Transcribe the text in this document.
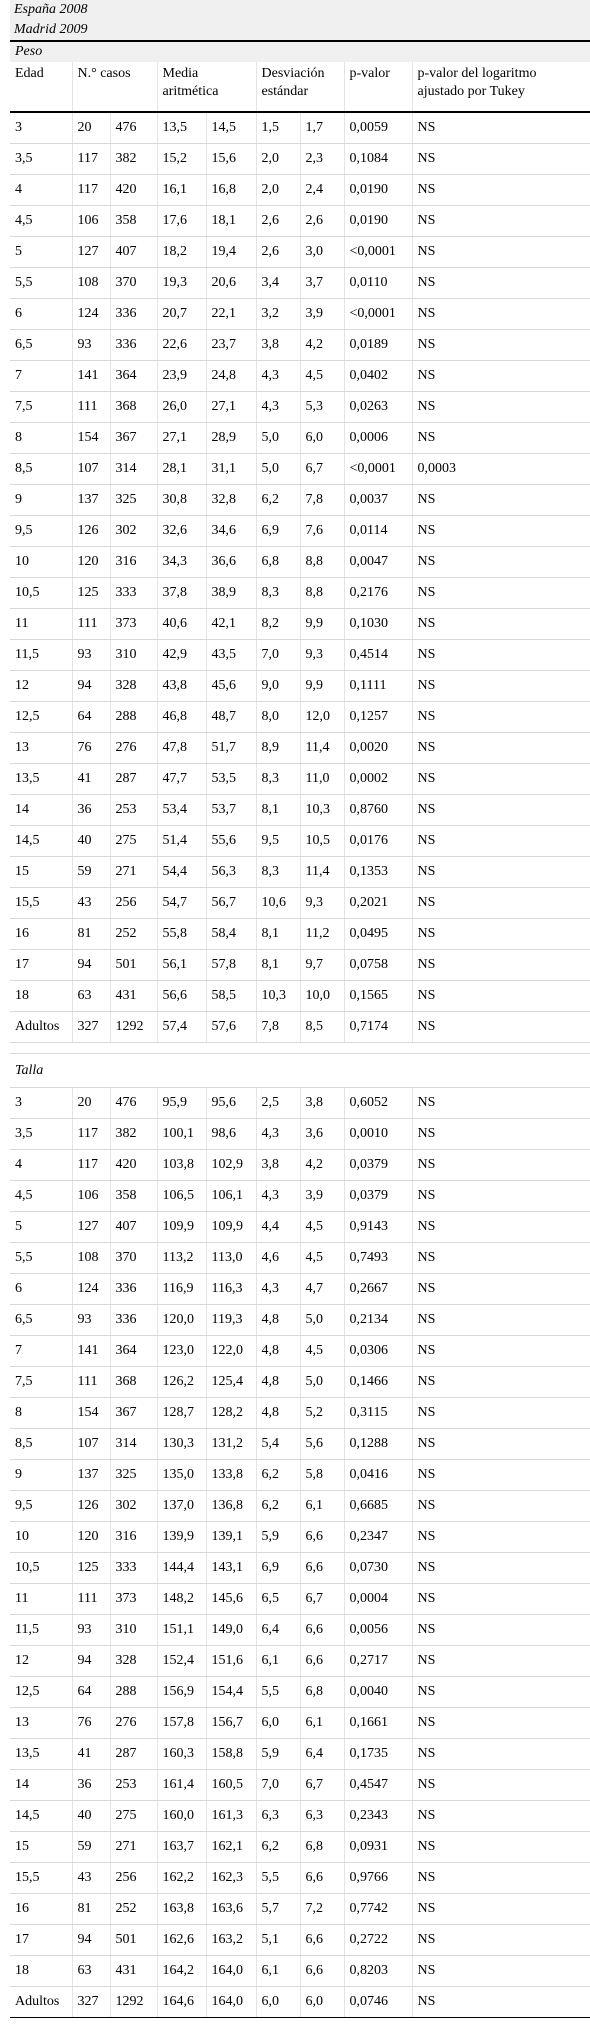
España 2008
Madrid 2009
Peso								
Edad	N.° casos		Media aritmética		Desviación estándar		p-valor	p-valor del logaritmo ajustado por Tukey
3	20	476	13,5	14,5	1,5	1,7	0,0059	NS
3,5	117	382	15,2	15,6	2,0	2,3	0,1084	NS
4	117	420	16,1	16,8	2,0	2,4	0,0190	NS
4,5	106	358	17,6	18,1	2,6	2,6	0,0190	NS
5	127	407	18,2	19,4	2,6	3,0	<0,0001	NS
5,5	108	370	19,3	20,6	3,4	3,7	0,0110	NS
6	124	336	20,7	22,1	3,2	3,9	<0,0001	NS
6,5	93	336	22,6	23,7	3,8	4,2	0,0189	NS
7	141	364	23,9	24,8	4,3	4,5	0,0402	NS
7,5	111	368	26,0	27,1	4,3	5,3	0,0263	NS
8	154	367	27,1	28,9	5,0	6,0	0,0006	NS
8,5	107	314	28,1	31,1	5,0	6,7	<0,0001	0,0003
9	137	325	30,8	32,8	6,2	7,8	0,0037	NS
9,5	126	302	32,6	34,6	6,9	7,6	0,0114	NS
10	120	316	34,3	36,6	6,8	8,8	0,0047	NS
10,5	125	333	37,8	38,9	8,3	8,8	0,2176	NS
11	111	373	40,6	42,1	8,2	9,9	0,1030	NS
11,5	93	310	42,9	43,5	7,0	9,3	0,4514	NS
12	94	328	43,8	45,6	9,0	9,9	0,1111	NS
12,5	64	288	46,8	48,7	8,0	12,0	0,1257	NS
13	76	276	47,8	51,7	8,9	11,4	0,0020	NS
13,5	41	287	47,7	53,5	8,3	11,0	0,0002	NS
14	36	253	53,4	53,7	8,1	10,3	0,8760	NS
14,5	40	275	51,4	55,6	9,5	10,5	0,0176	NS
15	59	271	54,4	56,3	8,3	11,4	0,1353	NS
15,5	43	256	54,7	56,7	10,6	9,3	0,2021	NS
16	81	252	55,8	58,4	8,1	11,2	0,0495	NS
17	94	501	56,1	57,8	8,1	9,7	0,0758	NS
18	63	431	56,6	58,5	10,3	10,0	0,1565	NS
Adultos	327	1292	57,4	57,6	7,8	8,5	0,7174	NS

Talla								
3	20	476	95,9	95,6	2,5	3,8	0,6052	NS
3,5	117	382	100,1	98,6	4,3	3,6	0,0010	NS
4	117	420	103,8	102,9	3,8	4,2	0,0379	NS
4,5	106	358	106,5	106,1	4,3	3,9	0,0379	NS
5	127	407	109,9	109,9	4,4	4,5	0,9143	NS
5,5	108	370	113,2	113,0	4,6	4,5	0,7493	NS
6	124	336	116,9	116,3	4,3	4,7	0,2667	NS
6,5	93	336	120,0	119,3	4,8	5,0	0,2134	NS
7	141	364	123,0	122,0	4,8	4,5	0,0306	NS
7,5	111	368	126,2	125,4	4,8	5,0	0,1466	NS
8	154	367	128,7	128,2	4,8	5,2	0,3115	NS
8,5	107	314	130,3	131,2	5,4	5,6	0,1288	NS
9	137	325	135,0	133,8	6,2	5,8	0,0416	NS
9,5	126	302	137,0	136,8	6,2	6,1	0,6685	NS
10	120	316	139,9	139,1	5,9	6,6	0,2347	NS
10,5	125	333	144,4	143,1	6,9	6,6	0,0730	NS
11	111	373	148,2	145,6	6,5	6,7	0,0004	NS
11,5	93	310	151,1	149,0	6,4	6,6	0,0056	NS
12	94	328	152,4	151,6	6,1	6,6	0,2717	NS
12,5	64	288	156,9	154,4	5,5	6,8	0,0040	NS
13	76	276	157,8	156,7	6,0	6,1	0,1661	NS
13,5	41	287	160,3	158,8	5,9	6,4	0,1735	NS
14	36	253	161,4	160,5	7,0	6,7	0,4547	NS
14,5	40	275	160,0	161,3	6,3	6,3	0,2343	NS
15	59	271	163,7	162,1	6,2	6,8	0,0931	NS
15,5	43	256	162,2	162,3	5,5	6,6	0,9766	NS
16	81	252	163,8	163,6	5,7	7,2	0,7742	NS
17	94	501	162,6	163,2	5,1	6,6	0,2722	NS
18	63	431	164,2	164,0	6,1	6,6	0,8203	NS
Adultos	327	1292	164,6	164,0	6,0	6,0	0,0746	NS
